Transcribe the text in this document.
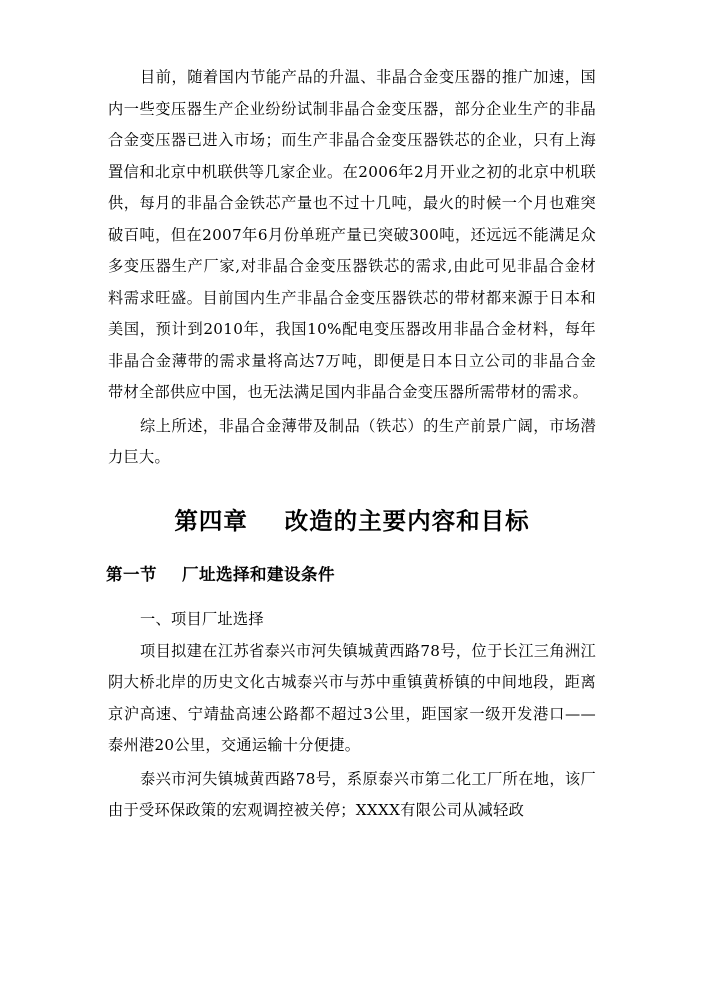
目前，随着国内节能产品的升温、非晶合金变压器的推广加速，国内一些变压器生产企业纷纷试制非晶合金变压器，部分企业生产的非晶合金变压器已进入市场；而生产非晶合金变压器铁芯的企业，只有上海置信和北京中机联供等几家企业。在2006年2月开业之初的北京中机联供，每月的非晶合金铁芯产量也不过十几吨，最火的时候一个月也难突破百吨，但在2007年6月份单班产量已突破300吨，还远远不能满足众多变压器生产厂家,对非晶合金变压器铁芯的需求,由此可见非晶合金材料需求旺盛。目前国内生产非晶合金变压器铁芯的带材都来源于日本和美国，预计到2010年，我国10%配电变压器改用非晶合金材料，每年非晶合金薄带的需求量将高达7万吨，即便是日本日立公司的非晶合金带材全部供应中国，也无法满足国内非晶合金变压器所需带材的需求。

综上所述，非晶合金薄带及制品（铁芯）的生产前景广阔，市场潜力巨大。

第四章    改造的主要内容和目标
第一节    厂址选择和建设条件
一、项目厂址选择

项目拟建在江苏省泰兴市河失镇城黄西路78号，位于长江三角洲江阴大桥北岸的历史文化古城泰兴市与苏中重镇黄桥镇的中间地段，距离京沪高速、宁靖盐高速公路都不超过3公里，距国家一级开发港口——泰州港20公里，交通运输十分便捷。

泰兴市河失镇城黄西路78号，系原泰兴市第二化工厂所在地，该厂由于受环保政策的宏观调控被关停；XXXX有限公司从减轻政
